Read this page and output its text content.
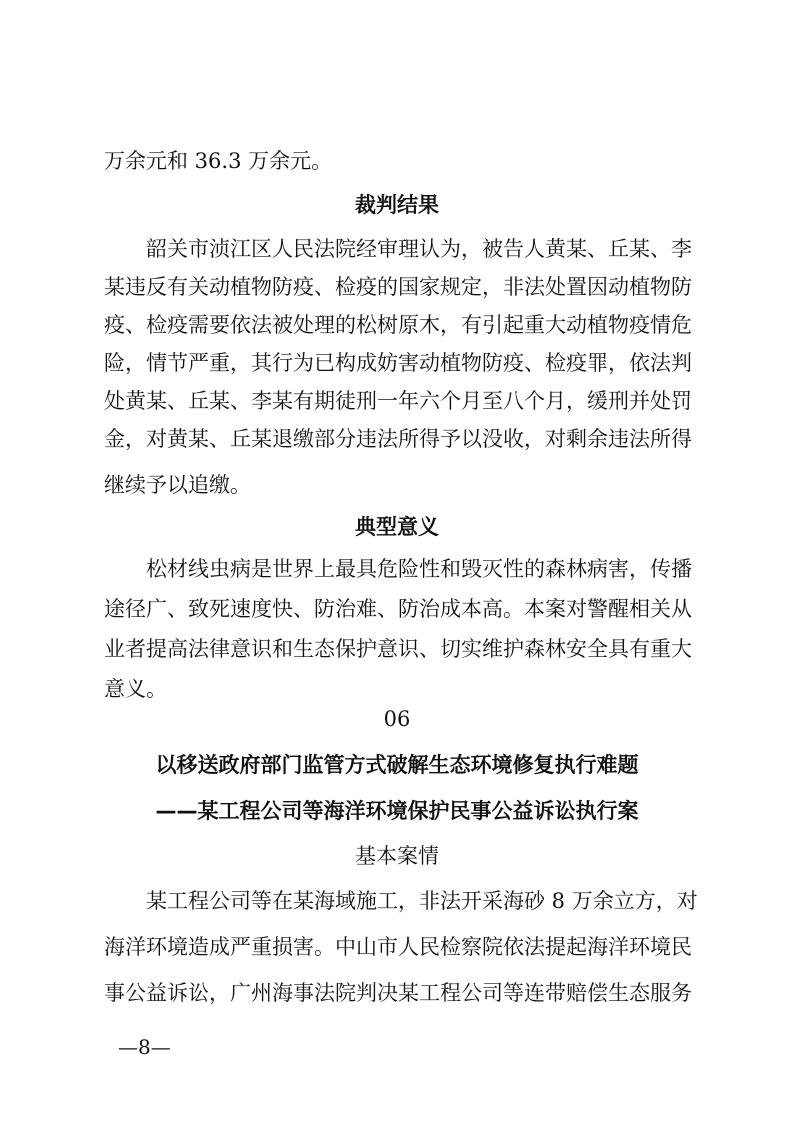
万余元和 36.3 万余元。
裁判结果
韶关市浈江区人民法院经审理认为，被告人黄某、丘某、李
某违反有关动植物防疫、检疫的国家规定，非法处置因动植物防
疫、检疫需要依法被处理的松树原木，有引起重大动植物疫情危
险，情节严重，其行为已构成妨害动植物防疫、检疫罪，依法判
处黄某、丘某、李某有期徒刑一年六个月至八个月，缓刑并处罚
金，对黄某、丘某退缴部分违法所得予以没收，对剩余违法所得
继续予以追缴。
典型意义
松材线虫病是世界上最具危险性和毁灭性的森林病害，传播
途径广、致死速度快、防治难、防治成本高。本案对警醒相关从
业者提高法律意识和生态保护意识、切实维护森林安全具有重大
意义。
06
以移送政府部门监管方式破解生态环境修复执行难题
——某工程公司等海洋环境保护民事公益诉讼执行案
基本案情
某工程公司等在某海域施工，非法开采海砂 8 万余立方，对
海洋环境造成严重损害。中山市人民检察院依法提起海洋环境民
事公益诉讼，广州海事法院判决某工程公司等连带赔偿生态服务
—8—
